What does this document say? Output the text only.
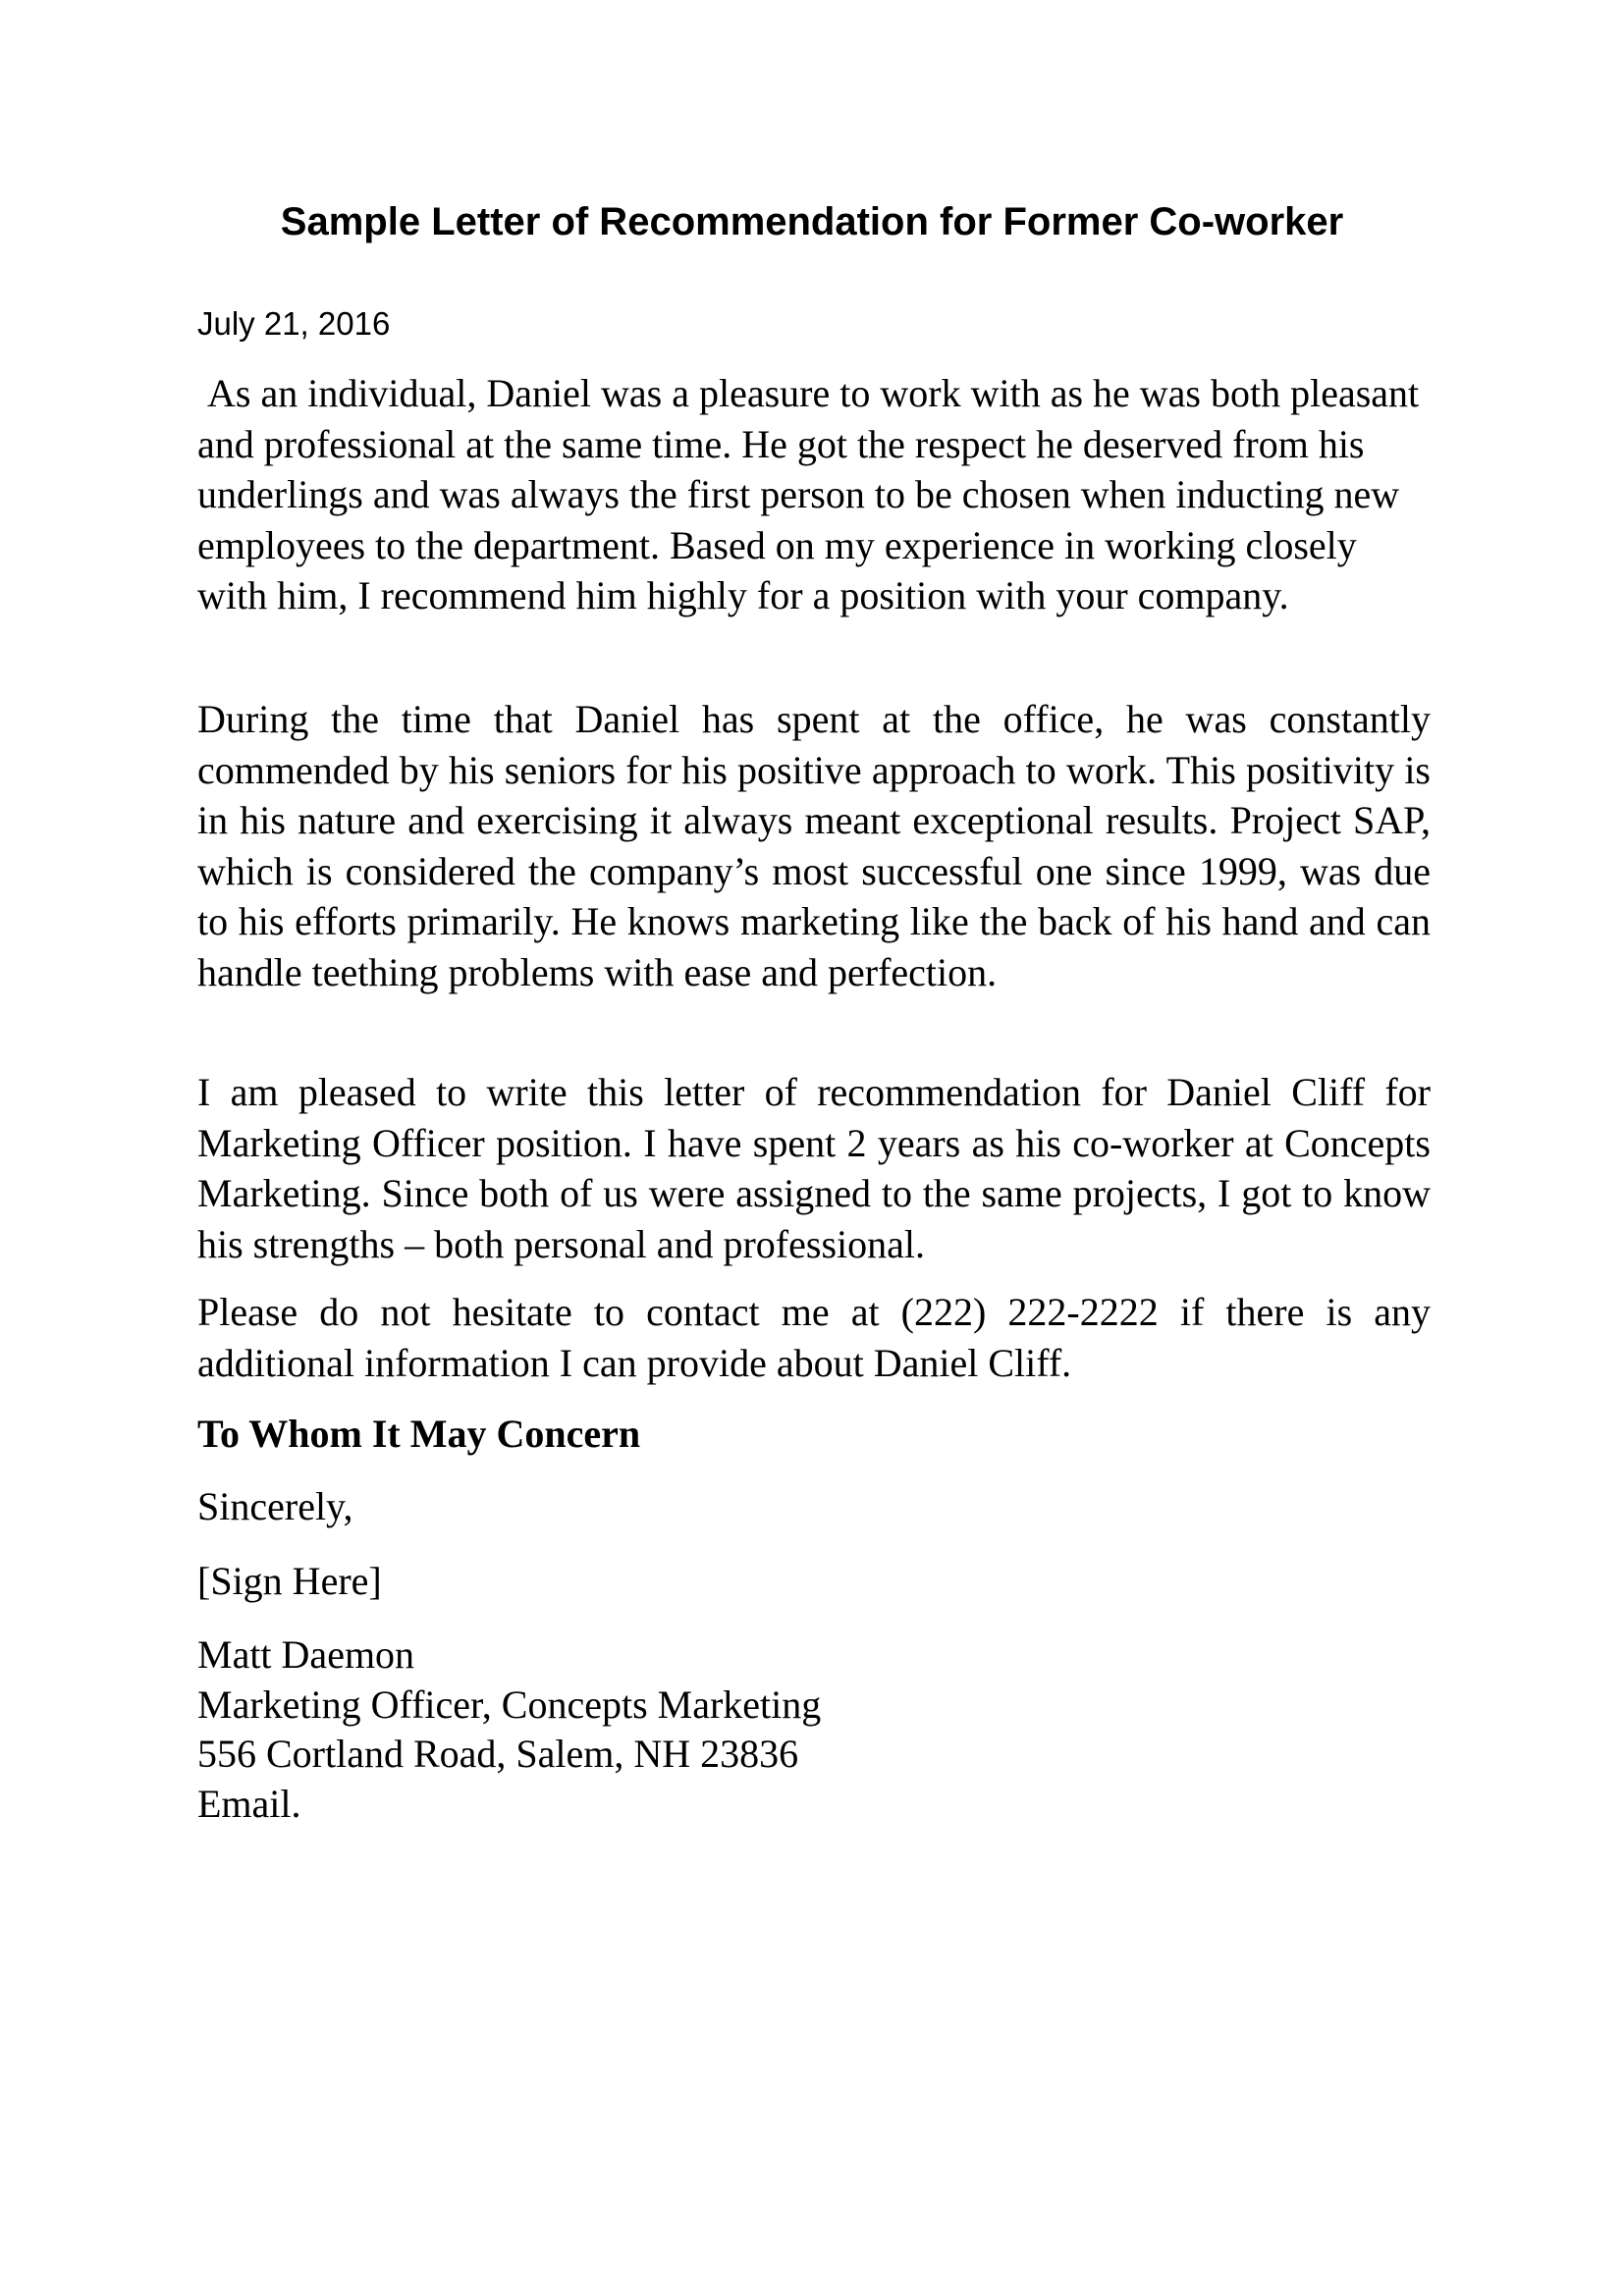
Sample Letter of Recommendation for Former Co-worker

July 21, 2016

As an individual, Daniel was a pleasure to work with as he was both pleasant and professional at the same time. He got the respect he deserved from his underlings and was always the first person to be chosen when inducting new employees to the department. Based on my experience in working closely with him, I recommend him highly for a position with your company.

During the time that Daniel has spent at the office, he was constantly commended by his seniors for his positive approach to work. This positivity is in his nature and exercising it always meant exceptional results. Project SAP, which is considered the company’s most successful one since 1999, was due to his efforts primarily. He knows marketing like the back of his hand and can handle teething problems with ease and perfection.

I am pleased to write this letter of recommendation for Daniel Cliff for Marketing Officer position. I have spent 2 years as his co-worker at Concepts Marketing. Since both of us were assigned to the same projects, I got to know his strengths – both personal and professional.

Please do not hesitate to contact me at (222) 222-2222 if there is any additional information I can provide about Daniel Cliff.

To Whom It May Concern

Sincerely,

[Sign Here]

Matt Daemon
Marketing Officer, Concepts Marketing
556 Cortland Road, Salem, NH 23836
Email.
